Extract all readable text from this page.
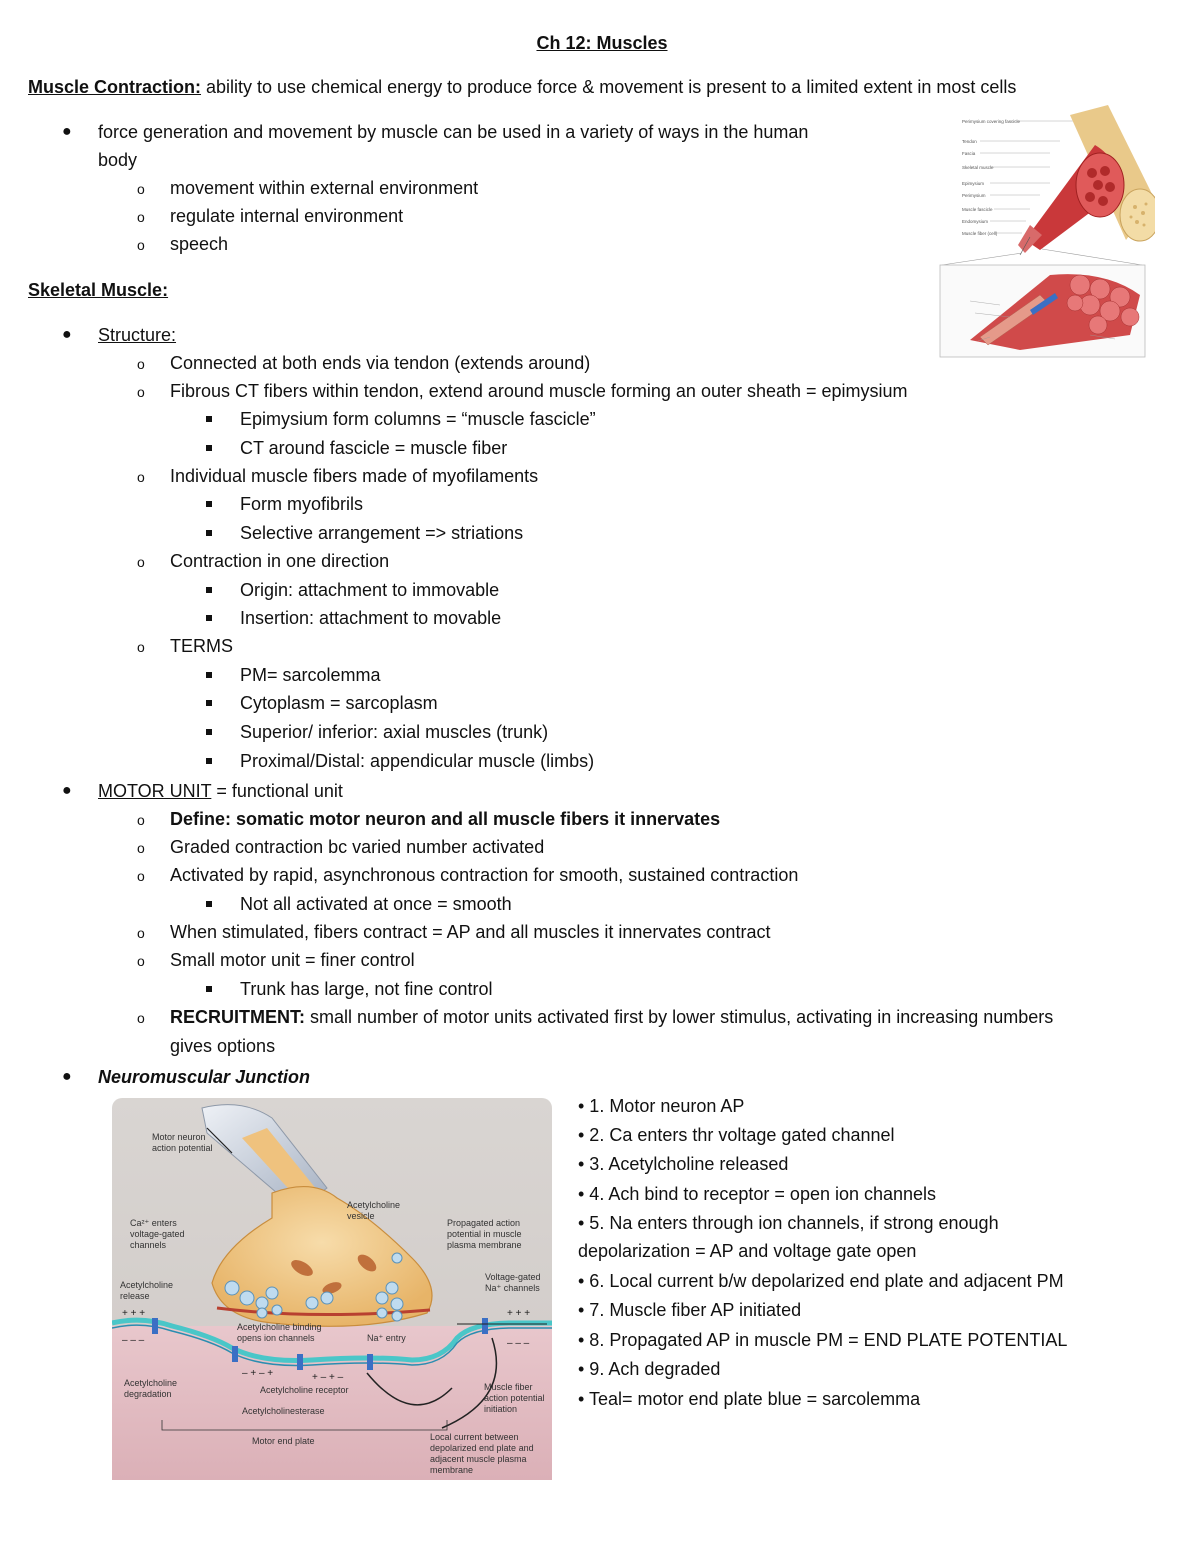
Ch 12: Muscles
Muscle Contraction: ability to use chemical energy to produce force & movement is present to a limited extent in most cells
● force generation and movement by muscle can be used in a variety of ways in the human
body
o movement within external environment
o regulate internal environment
o speech
Skeletal Muscle:
● Structure:
o Connected at both ends via tendon (extends around)
o Fibrous CT fibers within tendon, extend around muscle forming an outer sheath = epimysium
Epimysium form columns = “muscle fascicle”
CT around fascicle = muscle fiber
o Individual muscle fibers made of myofilaments
Form myofibrils
Selective arrangement => striations
o Contraction in one direction
Origin: attachment to immovable
Insertion: attachment to movable
o TERMS
PM= sarcolemma
Cytoplasm = sarcoplasm
Superior/ inferior: axial muscles (trunk)
Proximal/Distal: appendicular muscle (limbs)
● MOTOR UNIT = functional unit
o Define: somatic motor neuron and all muscle fibers it innervates
o Graded contraction bc varied number activated
o Activated by rapid, asynchronous contraction for smooth, sustained contraction
Not all activated at once = smooth
o When stimulated, fibers contract = AP and all muscles it innervates contract
o Small motor unit = finer control
Trunk has large, not fine control
o RECRUITMENT: small number of motor units activated first by lower stimulus, activating in increasing numbers
gives options
● Neuromuscular Junction
• 1. Motor neuron AP
• 2. Ca enters thr voltage gated channel
• 3. Acetylcholine released
• 4. Ach bind to receptor = open ion channels
• 5. Na enters through ion channels, if strong enough
depolarization = AP and voltage gate open
• 6. Local current b/w depolarized end plate and adjacent PM
• 7. Muscle fiber AP initiated
• 8. Propagated AP in muscle PM = END PLATE POTENTIAL
• 9. Ach degraded
• Teal= motor end plate blue = sarcolemma
Perimysium covering fascicle
Tendon
Fascia
Skeletal muscle
Epimysium
Perimysium
Muscle fascicle
Endomysium
Muscle fiber (cell)
+ + +
– – –
+ + +
– – –
– + – +	+ – + –
Motor neuron
action potential
Ca²⁺ enters
voltage-gated
channels
Acetylcholine
release
Acetylcholine binding
opens ion channels	Na⁺ entry
Acetylcholine
vesicle
Propagated action
potential in muscle
plasma membrane
Voltage-gated
Na⁺ channels
Acetylcholine
degradation	Acetylcholine receptor
Acetylcholinesterase
Motor end plate
Muscle fiber
action potential
initiation
Local current between
depolarized end plate and
adjacent muscle plasma
membrane
